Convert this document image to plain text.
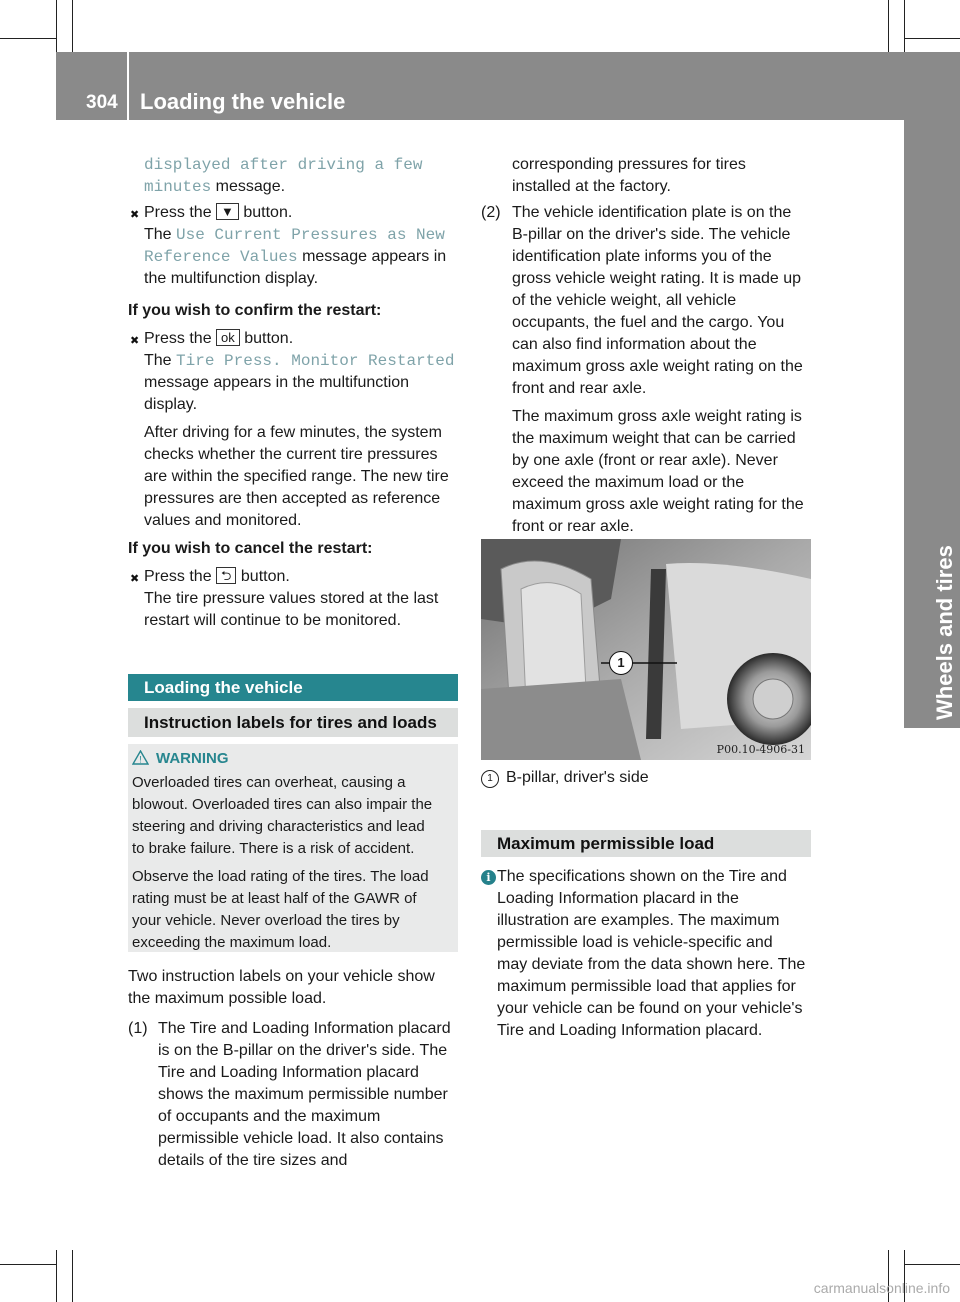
304 Loading the vehicle
Wheels and tires
displayed after driving a few
minutes message.
✖ Press the ▼ button.
The Use Current Pressures as New
Reference Values message appears in
the multifunction display.
If you wish to confirm the restart:
✖ Press the ok button.
The Tire Press. Monitor Restarted
message appears in the multifunction
display.
After driving for a few minutes, the system
checks whether the current tire pressures
are within the specified range. The new tire
pressures are then accepted as reference
values and monitored.
If you wish to cancel the restart:
✖ Press the ⮌ button.
The tire pressure values stored at the last
restart will continue to be monitored.
Loading the vehicle
Instruction labels for tires and loads
! WARNING
Overloaded tires can overheat, causing a
blowout. Overloaded tires can also impair the
steering and driving characteristics and lead
to brake failure. There is a risk of accident.
Observe the load rating of the tires. The load
rating must be at least half of the GAWR of
your vehicle. Never overload the tires by
exceeding the maximum load.
Two instruction labels on your vehicle show
the maximum possible load.
(1) The Tire and Loading Information placard
is on the B-pillar on the driver's side. The
Tire and Loading Information placard
shows the maximum permissible number
of occupants and the maximum
permissible vehicle load. It also contains
details of the tire sizes and
corresponding pressures for tires
installed at the factory.
(2) The vehicle identification plate is on the
B-pillar on the driver's side. The vehicle
identification plate informs you of the
gross vehicle weight rating. It is made up
of the vehicle weight, all vehicle
occupants, the fuel and the cargo. You
can also find information about the
maximum gross axle weight rating on the
front and rear axle.
The maximum gross axle weight rating is
the maximum weight that can be carried
by one axle (front or rear axle). Never
exceed the maximum load or the
maximum gross axle weight rating for the
front or rear axle.
1
P00.10-4906-31
1 B-pillar, driver's side
Maximum permissible load
i The specifications shown on the Tire and
Loading Information placard in the
illustration are examples. The maximum
permissible load is vehicle-specific and
may deviate from the data shown here. The
maximum permissible load that applies for
your vehicle can be found on your vehicle's
Tire and Loading Information placard.
carmanualsonline.info
